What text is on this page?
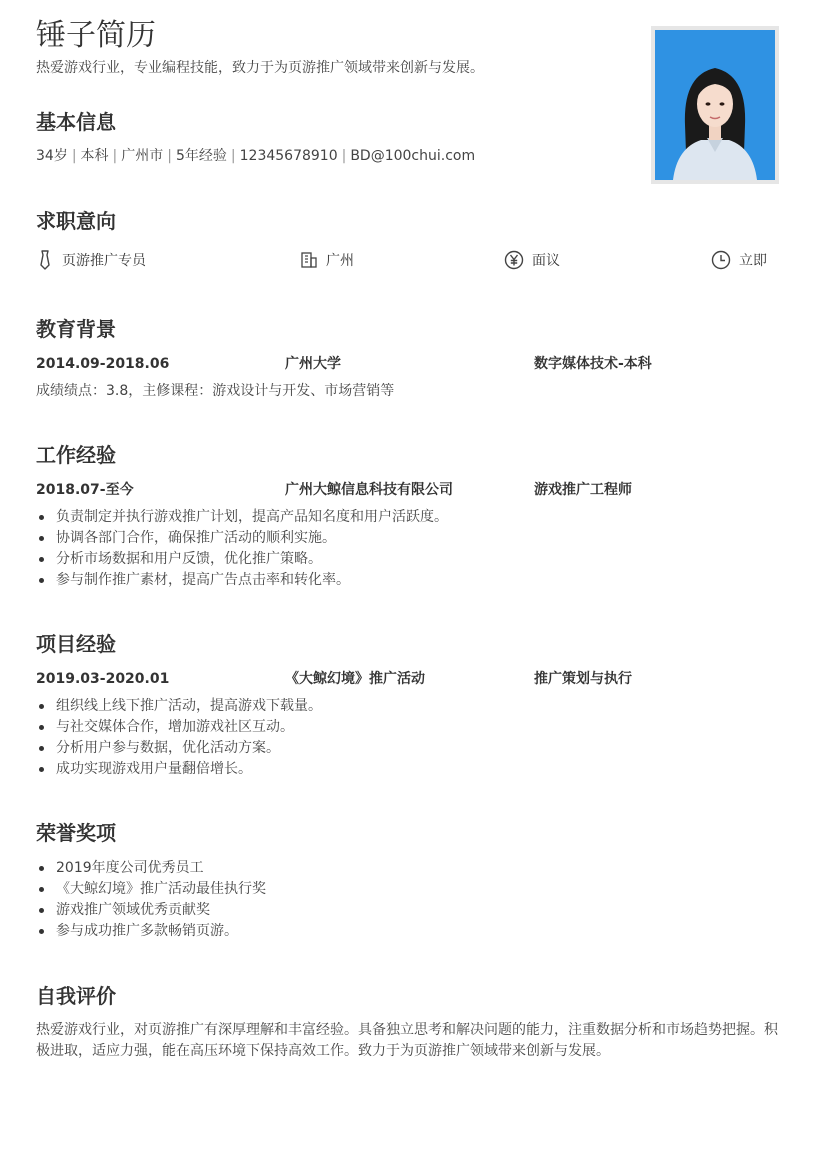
锤子简历
热爱游戏行业，专业编程技能，致力于为页游推广领域带来创新与发展。
基本信息
34岁 | 本科 | 广州市 | 5年经验 | 12345678910 | BD@100chui.com
求职意向
页游推广专员	广州	面议	立即
教育背景
2014.09-2018.06	广州大学	数字媒体技术-本科
成绩绩点：3.8，主修课程：游戏设计与开发、市场营销等
工作经验
2018.07-至今	广州大鲸信息科技有限公司	游戏推广工程师
负责制定并执行游戏推广计划，提高产品知名度和用户活跃度。
协调各部门合作，确保推广活动的顺利实施。
分析市场数据和用户反馈，优化推广策略。
参与制作推广素材，提高广告点击率和转化率。
项目经验
2019.03-2020.01	《大鲸幻境》推广活动	推广策划与执行
组织线上线下推广活动，提高游戏下载量。
与社交媒体合作，增加游戏社区互动。
分析用户参与数据，优化活动方案。
成功实现游戏用户量翻倍增长。
荣誉奖项
2019年度公司优秀员工
《大鲸幻境》推广活动最佳执行奖
游戏推广领域优秀贡献奖
参与成功推广多款畅销页游。
自我评价
热爱游戏行业，对页游推广有深厚理解和丰富经验。具备独立思考和解决问题的能力，注重数据分析和市场趋势把握。积极进取，适应力强，能在高压环境下保持高效工作。致力于为页游推广领域带来创新与发展。
